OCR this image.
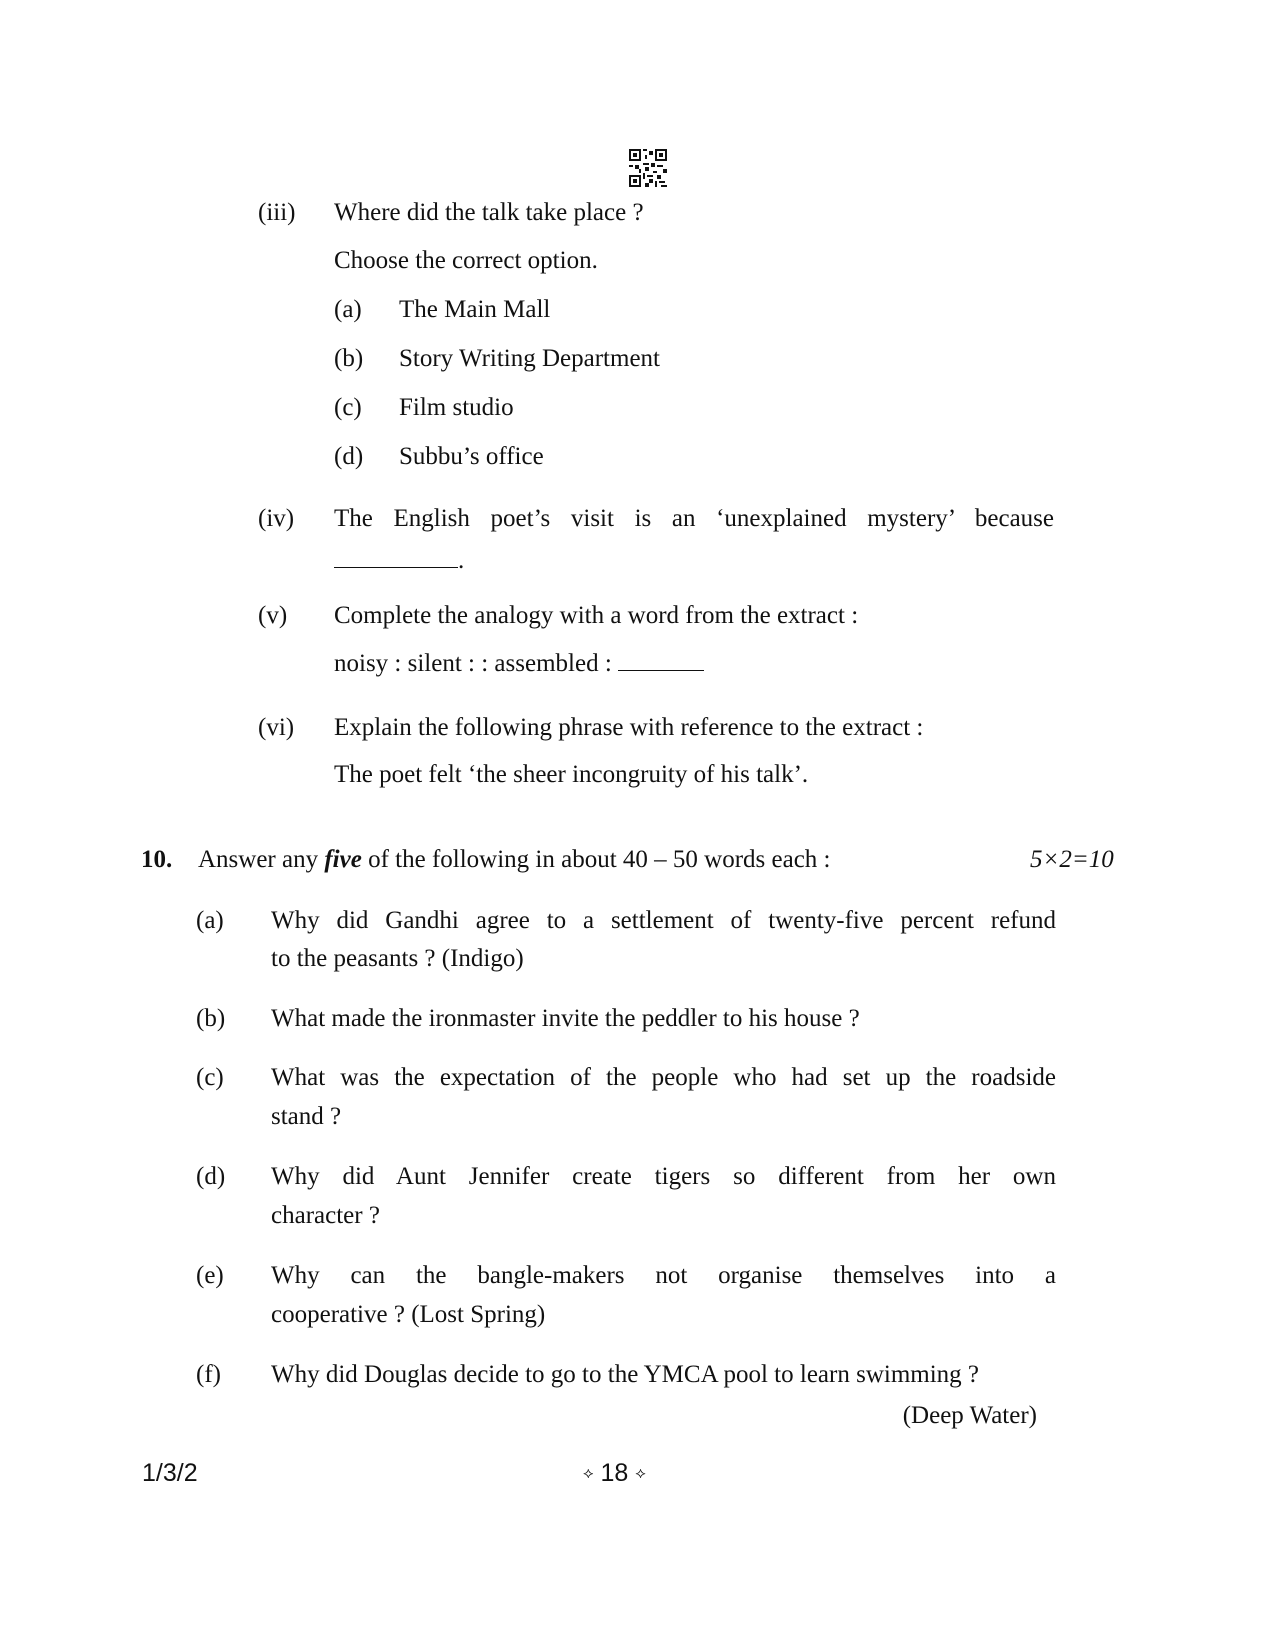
(iii) Where did the talk take place ?
Choose the correct option.
(a) The Main Mall
(b) Story Writing Department
(c) Film studio
(d) Subbu’s office
(iv) The English poet’s visit is an ‘unexplained mystery’ because
.
(v) Complete the analogy with a word from the extract :
noisy : silent : : assembled :
(vi) Explain the following phrase with reference to the extract :
The poet felt ‘the sheer incongruity of his talk’.
10. Answer any five of the following in about 40 – 50 words each :	5×2=10
(a) Why did Gandhi agree to a settlement of twenty-five percent refund
to the peasants ? (Indigo)
(b) What made the ironmaster invite the peddler to his house ?
(c) What was the expectation of the people who had set up the roadside
stand ?
(d) Why did Aunt Jennifer create tigers so different from her own
character ?
(e) Why can the bangle-makers not organise themselves into a
cooperative ? (Lost Spring)
(f) Why did Douglas decide to go to the YMCA pool to learn swimming ?
(Deep Water)
1/3/2	⟡ 18 ⟡
